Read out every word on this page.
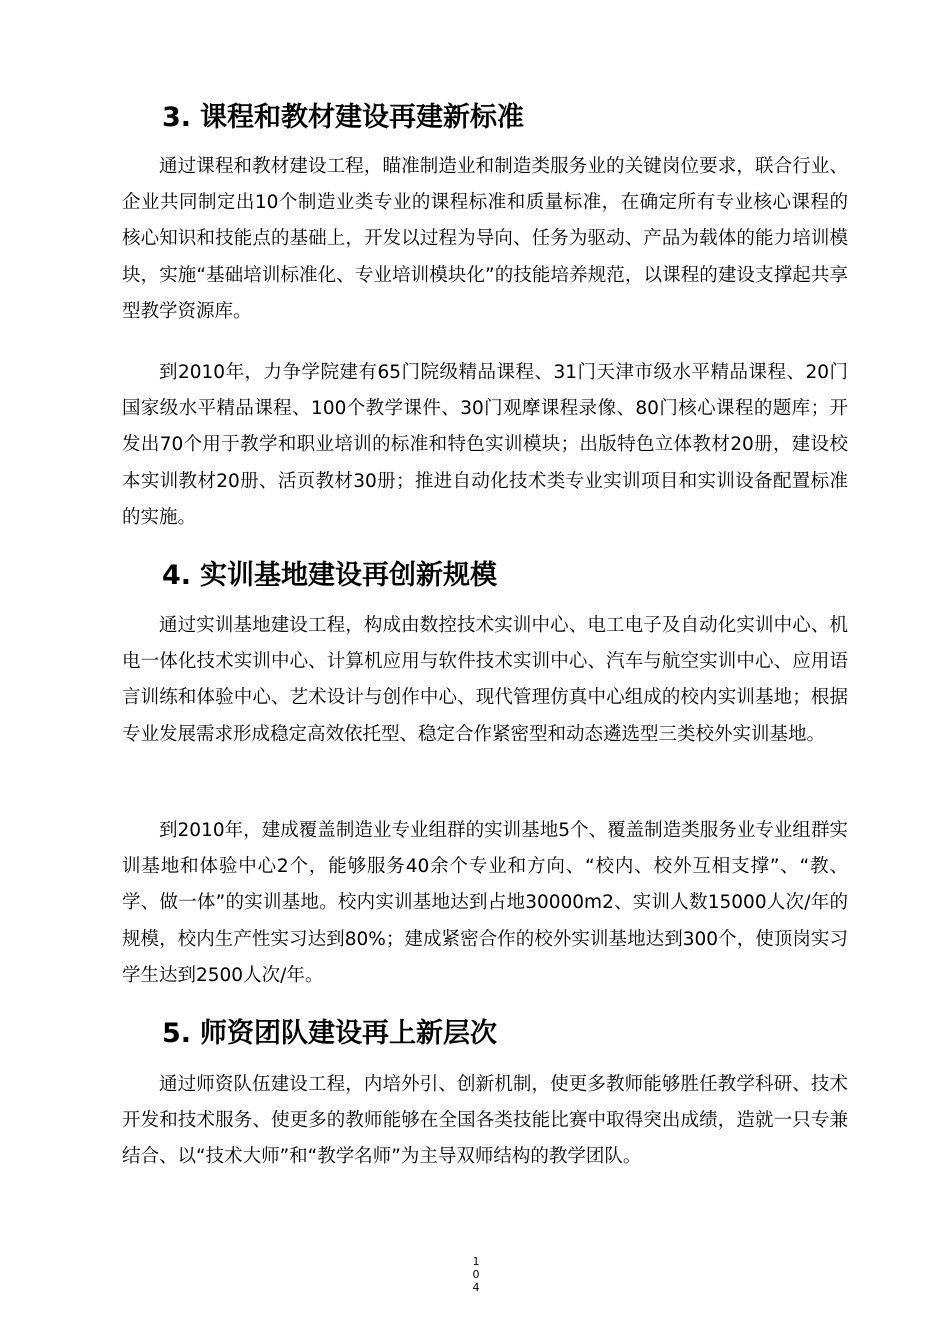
3. 课程和教材建设再建新标准

通过课程和教材建设工程，瞄准制造业和制造类服务业的关键岗位要求，联合行业、企业共同制定出10个制造业类专业的课程标准和质量标准，在确定所有专业核心课程的核心知识和技能点的基础上，开发以过程为导向、任务为驱动、产品为载体的能力培训模块，实施“基础培训标准化、专业培训模块化”的技能培养规范，以课程的建设支撑起共享型教学资源库。

到2010年，力争学院建有65门院级精品课程、31门天津市级水平精品课程、20门国家级水平精品课程、100个教学课件、30门观摩课程录像、80门核心课程的题库；开发出70个用于教学和职业培训的标准和特色实训模块；出版特色立体教材20册，建设校本实训教材20册、活页教材30册；推进自动化技术类专业实训项目和实训设备配置标准的实施。

4. 实训基地建设再创新规模

通过实训基地建设工程，构成由数控技术实训中心、电工电子及自动化实训中心、机电一体化技术实训中心、计算机应用与软件技术实训中心、汽车与航空实训中心、应用语言训练和体验中心、艺术设计与创作中心、现代管理仿真中心组成的校内实训基地；根据专业发展需求形成稳定高效依托型、稳定合作紧密型和动态遴选型三类校外实训基地。

到2010年，建成覆盖制造业专业组群的实训基地5个、覆盖制造类服务业专业组群实训基地和体验中心2个，能够服务40余个专业和方向、“校内、校外互相支撑”、“教、学、做一体”的实训基地。校内实训基地达到占地30000m2、实训人数15000人次/年的规模，校内生产性实习达到80%；建成紧密合作的校外实训基地达到300个，使顶岗实习学生达到2500人次/年。

5. 师资团队建设再上新层次

通过师资队伍建设工程，内培外引、创新机制，使更多教师能够胜任教学科研、技术开发和技术服务、使更多的教师能够在全国各类技能比赛中取得突出成绩，造就一只专兼结合、以“技术大师”和“教学名师”为主导双师结构的教学团队。

1
0
4
